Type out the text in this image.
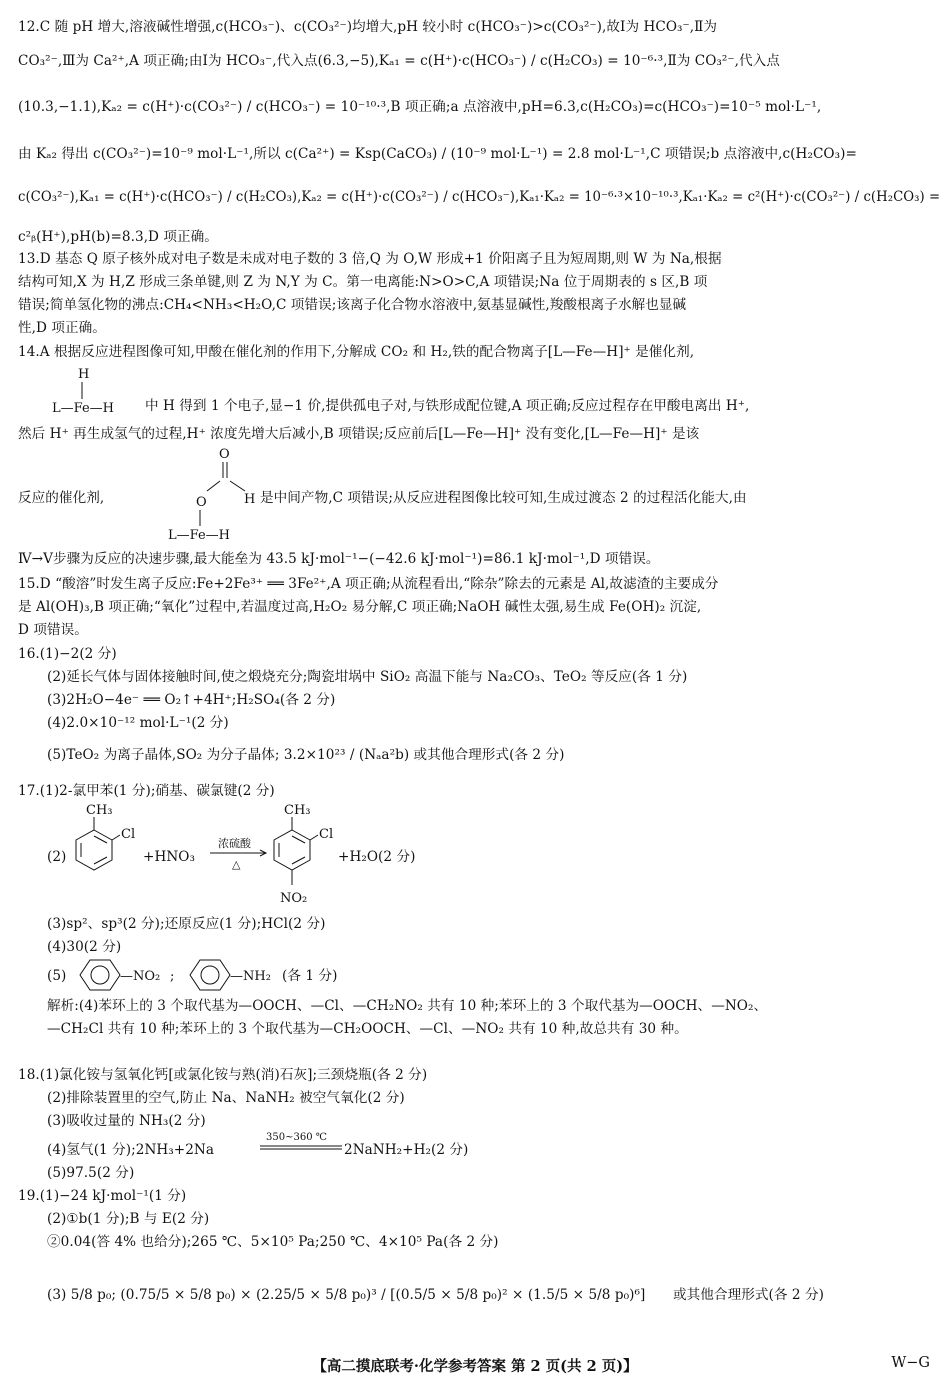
12.C 随 pH 增大,溶液碱性增强,c(HCO₃⁻)、c(CO₃²⁻)均增大,pH 较小时 c(HCO₃⁻)>c(CO₃²⁻),故Ⅰ为 HCO₃⁻,Ⅱ为
CO₃²⁻,Ⅲ为 Ca²⁺,A 项正确;由Ⅰ为 HCO₃⁻,代入点(6.3,−5),Kₐ₁ = c(H⁺)·c(HCO₃⁻) / c(H₂CO₃) = 10⁻⁶·³,Ⅱ为 CO₃²⁻,代入点
(10.3,−1.1),Kₐ₂ = c(H⁺)·c(CO₃²⁻) / c(HCO₃⁻) = 10⁻¹⁰·³,B 项正确;a 点溶液中,pH=6.3,c(H₂CO₃)=c(HCO₃⁻)=10⁻⁵ mol·L⁻¹,
由 Kₐ₂ 得出 c(CO₃²⁻)=10⁻⁹ mol·L⁻¹,所以 c(Ca²⁺) = Ksp(CaCO₃) / (10⁻⁹ mol·L⁻¹) = 2.8 mol·L⁻¹,C 项错误;b 点溶液中,c(H₂CO₃)=
c(CO₃²⁻),Kₐ₁ = c(H⁺)·c(HCO₃⁻) / c(H₂CO₃),Kₐ₂ = c(H⁺)·c(CO₃²⁻) / c(HCO₃⁻),Kₐ₁·Kₐ₂ = 10⁻⁶·³×10⁻¹⁰·³,Kₐ₁·Kₐ₂ = c²(H⁺)·c(CO₃²⁻) / c(H₂CO₃) =
c²ᵦ(H⁺),pH(b)=8.3,D 项正确。
13.D 基态 Q 原子核外成对电子数是未成对电子数的 3 倍,Q 为 O,W 形成+1 价阳离子且为短周期,则 W 为 Na,根据
结构可知,X 为 H,Z 形成三条单键,则 Z 为 N,Y 为 C。第一电离能:N>O>C,A 项错误;Na 位于周期表的 s 区,B 项
错误;简单氢化物的沸点:CH₄<NH₃<H₂O,C 项错误;该离子化合物水溶液中,氨基显碱性,羧酸根离子水解也显碱
性,D 项正确。
14.A 根据反应进程图像可知,甲酸在催化剂的作用下,分解成 CO₂ 和 H₂,铁的配合物离子[L—Fe—H]⁺ 是催化剂,
H
L—Fe—H 中 H 得到 1 个电子,显−1 价,提供孤电子对,与铁形成配位键,A 项正确;反应过程存在甲酸电离出 H⁺,
然后 H⁺ 再生成氢气的过程,H⁺ 浓度先增大后减小,B 项错误;反应前后[L—Fe—H]⁺ 没有变化,[L—Fe—H]⁺ 是该
反应的催化剂,
O
O	H
L—Fe—H
是中间产物,C 项错误;从反应进程图像比较可知,生成过渡态 2 的过程活化能大,由
Ⅳ→Ⅴ步骤为反应的决速步骤,最大能垒为 43.5 kJ·mol⁻¹−(−42.6 kJ·mol⁻¹)=86.1 kJ·mol⁻¹,D 项错误。
15.D “酸溶”时发生离子反应:Fe+2Fe³⁺ ══ 3Fe²⁺,A 项正确;从流程看出,“除杂”除去的元素是 Al,故滤渣的主要成分
是 Al(OH)₃,B 项正确;“氧化”过程中,若温度过高,H₂O₂ 易分解,C 项正确;NaOH 碱性太强,易生成 Fe(OH)₂ 沉淀,
D 项错误。
16.(1)−2(2 分)
(2)延长气体与固体接触时间,使之煅烧充分;陶瓷坩埚中 SiO₂ 高温下能与 Na₂CO₃、TeO₂ 等反应(各 1 分)
(3)2H₂O−4e⁻ ══ O₂↑+4H⁺;H₂SO₄(各 2 分)
(4)2.0×10⁻¹² mol·L⁻¹(2 分)
(5)TeO₂ 为离子晶体,SO₂ 为分子晶体; 3.2×10²³ / (Nₐa²b) 或其他合理形式(各 2 分)
17.(1)2-氯甲苯(1 分);硝基、碳氯键(2 分)
(2)
CH₃
Cl
+HNO₃
浓硫酸
△
CH₃
Cl
NO₂
+H₂O(2 分)
(3)sp²、sp³(2 分);还原反应(1 分);HCl(2 分)
(4)30(2 分)
(5)	—NO₂ ;	—NH₂ (各 1 分)
解析:(4)苯环上的 3 个取代基为—OOCH、—Cl、—CH₂NO₂ 共有 10 种;苯环上的 3 个取代基为—OOCH、—NO₂、
—CH₂Cl 共有 10 种;苯环上的 3 个取代基为—CH₂OOCH、—Cl、—NO₂ 共有 10 种,故总共有 30 种。
18.(1)氯化铵与氢氧化钙[或氯化铵与熟(消)石灰];三颈烧瓶(各 2 分)
(2)排除装置里的空气,防止 Na、NaNH₂ 被空气氧化(2 分)
(3)吸收过量的 NH₃(2 分)
(4)氢气(1 分);2NH₃+2Na
350~360 ℃
2NaNH₂+H₂(2 分)
(5)97.5(2 分)
19.(1)−24 kJ·mol⁻¹(1 分)
(2)①b(1 分);B 与 E(2 分)
②0.04(答 4% 也给分);265 ℃、5×10⁵ Pa;250 ℃、4×10⁵ Pa(各 2 分)
(3) 5/8 p₀; (0.75/5 × 5/8 p₀) × (2.25/5 × 5/8 p₀)³ / [(0.5/5 × 5/8 p₀)² × (1.5/5 × 5/8 p₀)⁶] 或其他合理形式(各 2 分)
【高二摸底联考·化学参考答案 第 2 页(共 2 页)】	W−G
